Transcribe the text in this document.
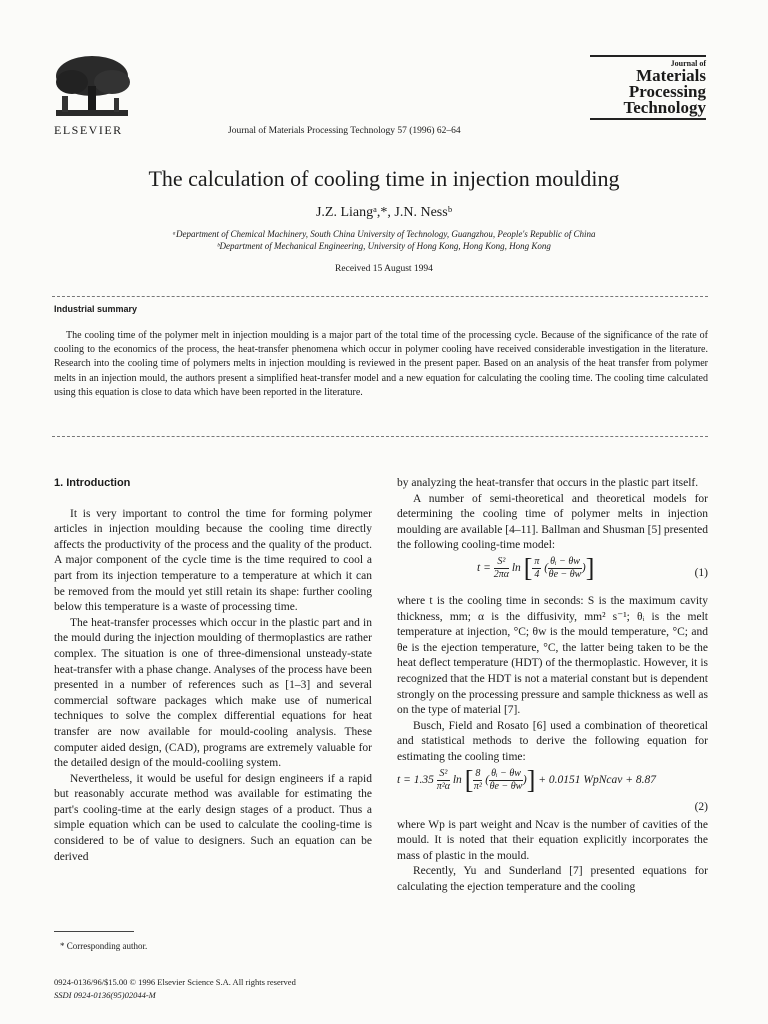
ELSEVIER	Journal of Materials Processing Technology 57 (1996) 62–64
Journal of
Materials
Processing
Technology
The calculation of cooling time in injection moulding
J.Z. Liangᵃ,*, J.N. Nessᵇ
ᵃDepartment of Chemical Machinery, South China University of Technology, Guangzhou, People's Republic of China
ᵇDepartment of Mechanical Engineering, University of Hong Kong, Hong Kong, Hong Kong
Received 15 August 1994
Industrial summary
The cooling time of the polymer melt in injection moulding is a major part of the total time of the processing cycle. Because of the significance of the rate of cooling to the economics of the process, the heat-transfer phenomena which occur in polymer cooling have received considerable investigation in the literature. Research into the cooling time of polymers melts in injection moulding is reviewed in the present paper. Based on an analysis of the heat transfer from polymer melts in an injection mould, the authors present a simplified heat-transfer model and a new equation for calculating the cooling time. The cooling time calculated using this equation is close to data which have been reported in the literature.

1. Introduction

It is very important to control the time for forming polymer articles in injection moulding because the cooling time directly affects the productivity of the process and the quality of the product. A major component of the cycle time is the time required to cool a part from its injection temperature to a temperature at which it can be removed from the mould yet still retain its shape: further cooling below this temperature is a waste of processing time.

The heat-transfer processes which occur in the plastic part and in the mould during the injection moulding of thermoplastics are rather complex. The situation is one of three-dimensional unsteady-state heat-transfer with a phase change. Analyses of the process have been presented in a number of references such as [1–3] and several commercial software packages which make use of numerical techniques to solve the complex differential equations for heat transfer are now available for mould-cooling analysis. These computer aided design, (CAD), programs are extremely valuable for the detailed design of the mould-cooliing system.

Nevertheless, it would be useful for design engineers if a rapid but reasonably accurate method was available for estimating the part's cooling-time at the early design stages of a product. Thus a simple equation which can be used to calculate the cooling-time is considered to be of value to designers. Such an equation can be derived

by analyzing the heat-transfer that occurs in the plastic part itself.

A number of semi-theoretical and theoretical models for determining the cooling time of polymer melts in injection moulding are available [4–11]. Ballman and Shusman [5] presented the following cooling-time model:

$t = \frac{\text{S²}}{2\pi\alpha}$ ln [ $\frac{\pi}{4}$ ( $\frac{\text{θᵢ − θw}}{\theta e - \theta w}$ )]	(1)

where t is the cooling time in seconds: S is the maximum cavity thickness, mm; α is the diffusivity, mm² s⁻¹; θᵢ is the melt temperature at injection, °C; θw is the mould temperature, °C; and θe is the ejection temperature, °C, the latter being taken to be the heat deflect temperature (HDT) of the thermoplastic. However, it is recognized that the HDT is not a material constant but is dependent strongly on the processing pressure and sample thickness as well as on the type of material [7].

Busch, Field and Rosato [6] used a combination of theoretical and statistical methods to derive the following equation for estimating the cooling time:

$t = 1.35 \frac{\text{S²}}{\text{π²α}}$ ln [ $\frac{8}{\text{π²}}$ ( $\frac{\text{θᵢ − θw}}{\theta e - \theta w}$ )] + 0.0151 WpNcav + 8.87
(2)

where Wp is part weight and Ncav is the number of cavities of the mould. It is noted that their equation explicitly incorporates the mass of plastic in the mould.

Recently, Yu and Sunderland [7] presented equations for calculating the ejection temperature and the cooling

* Corresponding author.
0924-0136/96/$15.00 © 1996 Elsevier Science S.A. All rights reserved
SSDI 0924-0136(95)02044-M
